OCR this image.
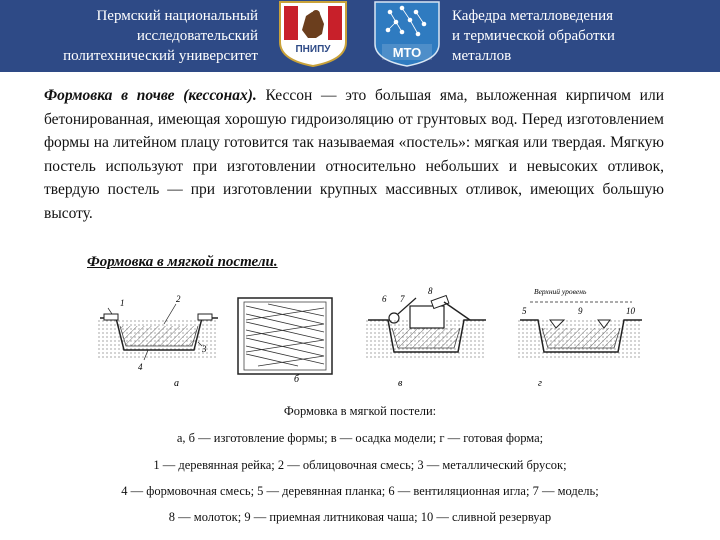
Пермский национальный
исследовательский
политехнический университет	ПНИПУ	МТО
Кафедра металловедения
и термической обработки
металлов
Формовка в почве (кессонах). Кессон — это большая яма, выложенная кирпичом или бетонированная, имеющая хорошую гидроизоляцию от грунтовых вод. Перед изготовлением формы на литейном плацу готовится так называемая «постель»: мягкая или твердая. Мягкую постель используют при изготовлении относительно небольших и невысоких отливок, твердую постель — при изготовлении крупных массивных отливок, имеющих большую высоту.
Формовка в мягкой постели.
1	2
3
4
а	б
6 7
8
в
Верхний уровень
5	9	10
г
Формовка в мягкой постели:
а, б — изготовление формы; в — осадка модели; г — готовая форма;
1 — деревянная рейка; 2 — облицовочная смесь; 3 — металлический брусок;
4 — формовочная смесь; 5 — деревянная планка; 6 — вентиляционная игла; 7 — модель;
8 — молоток; 9 — приемная литниковая чаша; 10 — сливной резервуар
